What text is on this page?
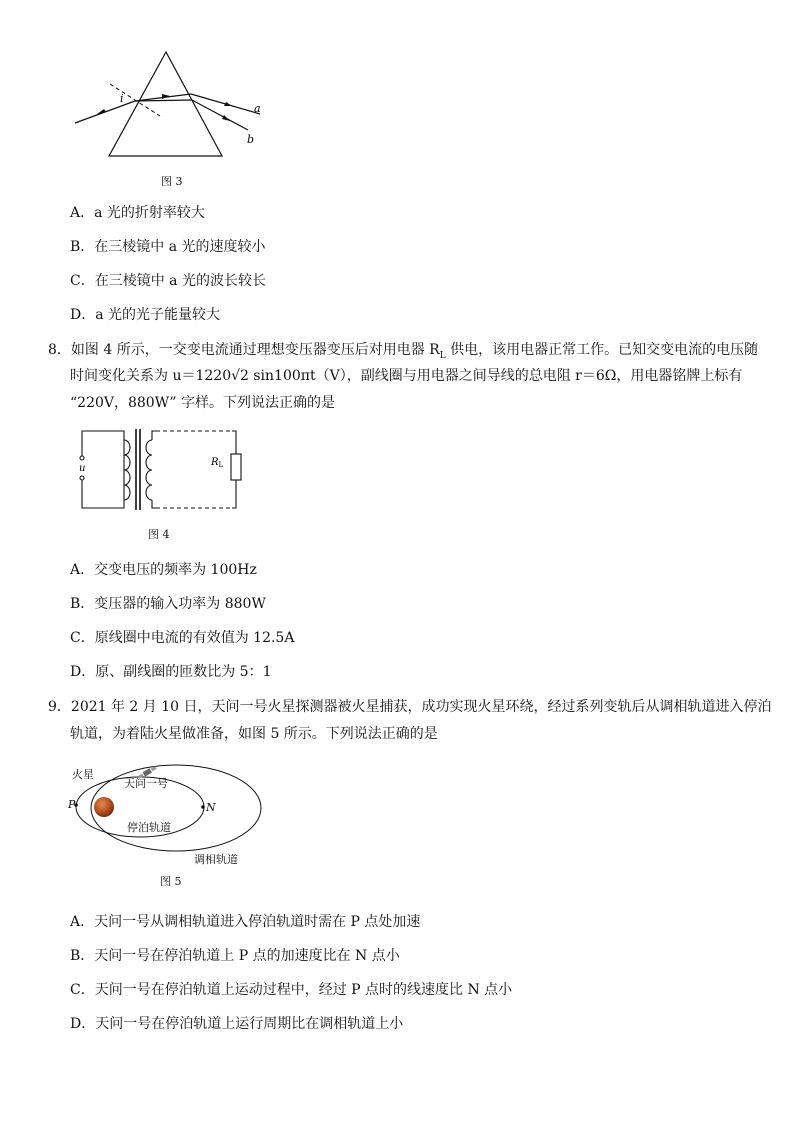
i
a
b
图 3
A．a 光的折射率较大
B．在三棱镜中 a 光的速度较小
C．在三棱镜中 a 光的波长较长
D．a 光的光子能量较大
8．如图 4 所示，一交变电流通过理想变压器变压后对用电器 $R_L$ 供电，该用电器正常工作。已知交变电流的电压随
时间变化关系为 u＝1220√2 sin100πt（V），副线圈与用电器之间导线的总电阻 r＝6Ω，用电器铭牌上标有
“220V，880W” 字样。下列说法正确的是
u
$R_L$
图 4
A．交变电压的频率为 100Hz
B．变压器的输入功率为 880W
C．原线圈中电流的有效值为 12.5A
D．原、副线圈的匝数比为 5：1
9．2021 年 2 月 10 日，天问一号火星探测器被火星捕获，成功实现火星环绕，经过系列变轨后从调相轨道进入停泊
轨道，为着陆火星做准备，如图 5 所示。下列说法正确的是
火星
天问一号
P	N
停泊轨道
调相轨道
图 5
A．天问一号从调相轨道进入停泊轨道时需在 P 点处加速
B．天问一号在停泊轨道上 P 点的加速度比在 N 点小
C．天问一号在停泊轨道上运动过程中，经过 P 点时的线速度比 N 点小
D．天问一号在停泊轨道上运行周期比在调相轨道上小
